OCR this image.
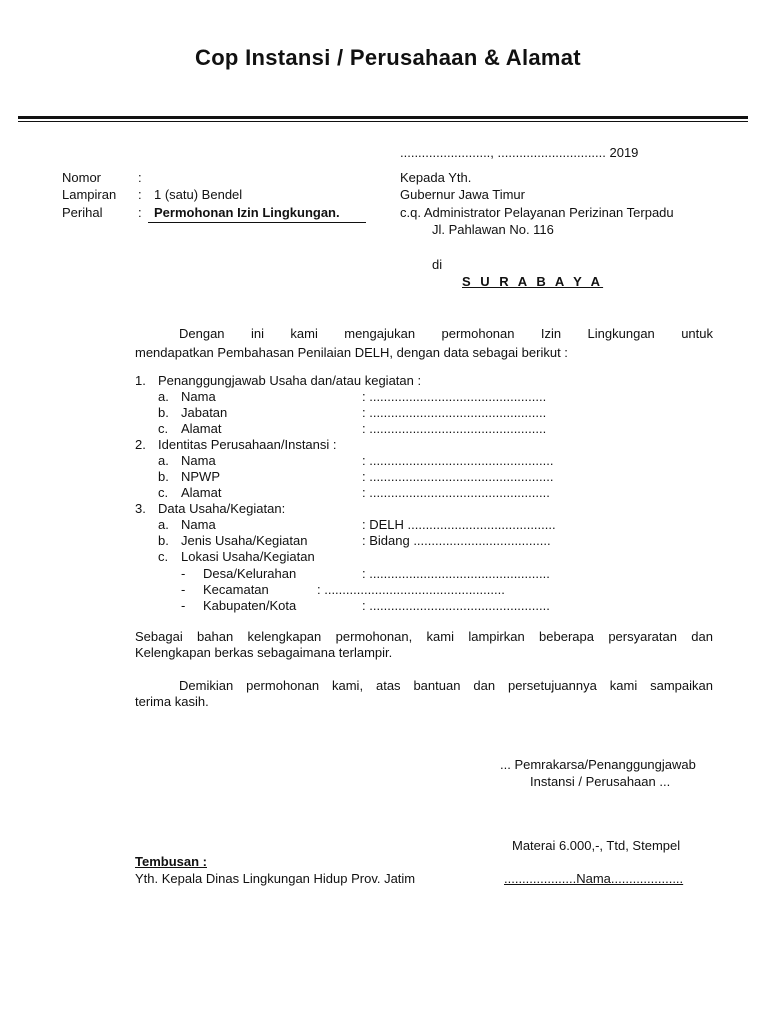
Cop Instansi / Perusahaan & Alamat
........................., .............................. 2019
Nomor	:
Lampiran : 1 (satu) Bendel
Perihal	: Permohonan Izin Lingkungan.
Kepada Yth.
Gubernur Jawa Timur
c.q. Administrator Pelayanan Perizinan Terpadu
Jl. Pahlawan No. 116
di
S U R A B A Y A
Dengan ini kami mengajukan permohonan Izin Lingkungan untuk
mendapatkan Pembahasan Penilaian DELH, dengan data sebagai berikut :
1. Penanggungjawab Usaha dan/atau kegiatan :
a. Nama	: .................................................
b. Jabatan	: .................................................
c. Alamat	: .................................................
2. Identitas Perusahaan/Instansi :
a. Nama	: ...................................................
b. NPWP	: ...................................................
c. Alamat	: ..................................................
3. Data Usaha/Kegiatan:
a. Nama	: DELH .........................................
b. Jenis Usaha/Kegiatan	: Bidang ......................................
c. Lokasi Usaha/Kegiatan
- Desa/Kelurahan	: ..................................................
- Kecamatan	: ..................................................
- Kabupaten/Kota	: ..................................................
Sebagai bahan kelengkapan permohonan, kami lampirkan beberapa persyaratan dan
Kelengkapan berkas sebagaimana terlampir.
Demikian permohonan kami, atas bantuan dan persetujuannya kami sampaikan
terima kasih.
... Pemrakarsa/Penanggungjawab
Instansi / Perusahaan ...
Materai 6.000,-, Ttd, Stempel
....................Nama....................
Tembusan :
Yth. Kepala Dinas Lingkungan Hidup Prov. Jatim
